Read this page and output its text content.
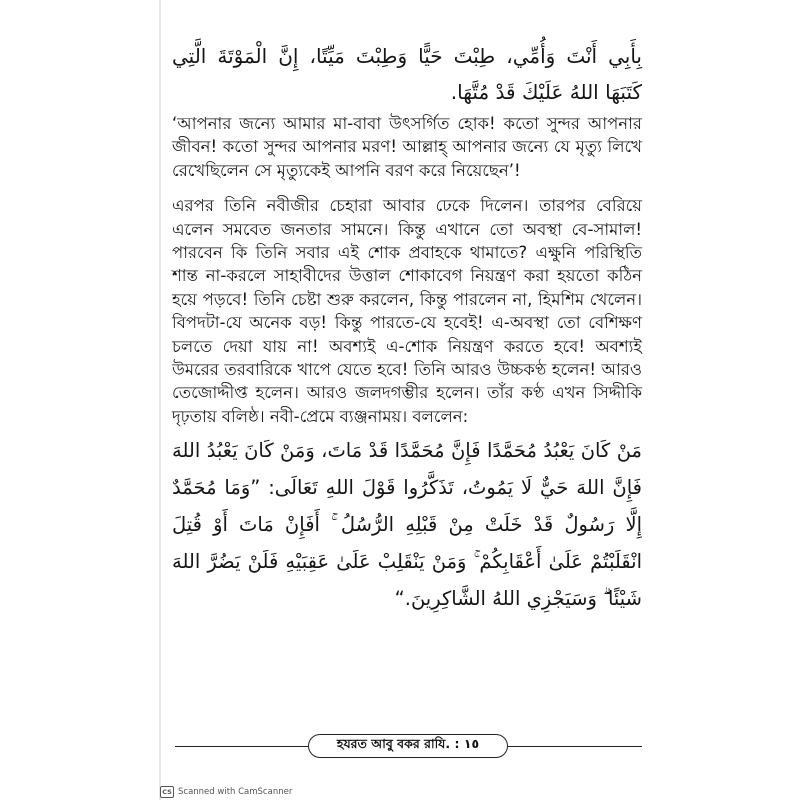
بِأَبِي أَنْتَ وَأُمِّي، طِبْتَ حَيًّا وَطِبْتَ مَيِّتًا، إِنَّ الْمَوْتَةَ الَّتِي كَتَبَهَا اللهُ عَلَيْكَ قَدْ مُتَّهَا.

‘আপনার জন্যে আমার মা-বাবা উৎসর্গিত হোক! কতো সুন্দর আপনার জীবন! কতো সুন্দর আপনার মরণ! আল্লাহ্ আপনার জন্যে যে মৃত্যু লিখে রেখেছিলেন সে মৃত্যুকেই আপনি বরণ করে নিয়েছেন’!

এরপর তিনি নবীজীর চেহারা আবার ঢেকে দিলেন। তারপর বেরিয়ে এলেন সমবেত জনতার সামনে। কিন্তু এখানে তো অবস্থা বে-সামাল! পারবেন কি তিনি সবার এই শোক প্রবাহকে থামাতে? এক্ষুনি পরিস্থিতি শান্ত না-করলে সাহাবীদের উত্তাল শোকাবেগ নিয়ন্ত্রণ করা হয়তো কঠিন হয়ে পড়বে! তিনি চেষ্টা শুরু করলেন, কিন্তু পারলেন না, হিমশিম খেলেন। বিপদটা-যে অনেক বড়! কিন্তু পারতে-যে হবেই! এ-অবস্থা তো বেশিক্ষণ চলতে দেয়া যায় না! অবশ্যই এ-শোক নিয়ন্ত্রণ করতে হবে! অবশ্যই উমরের তরবারিকে খাপে যেতে হবে! তিনি আরও উচ্চকণ্ঠ হলেন! আরও তেজোদ্দীপ্ত হলেন। আরও জলদগম্ভীর হলেন। তাঁর কণ্ঠ এখন সিদ্দীকি দৃঢ়তায় বলিষ্ঠ। নবী-প্রেমে ব্যঞ্জনাময়। বললেন:

مَنْ كَانَ يَعْبُدُ مُحَمَّدًا فَإِنَّ مُحَمَّدًا قَدْ مَاتَ، وَمَنْ كَانَ يَعْبُدُ اللهَ فَإِنَّ اللهَ حَيٌّ لَا يَمُوتُ، تَذَكَّرُوا قَوْلَ اللهِ تَعَالَى: ”وَمَا مُحَمَّدٌ إِلَّا رَسُولٌ قَدْ خَلَتْ مِنْ قَبْلِهِ الرُّسُلُ ۚ أَفَإِنْ مَاتَ أَوْ قُتِلَ انْقَلَبْتُمْ عَلَىٰ أَعْقَابِكُمْ ۚ وَمَنْ يَنْقَلِبْ عَلَىٰ عَقِبَيْهِ فَلَنْ يَضُرَّ اللهَ شَيْئًا ۗ وَسَيَجْزِي اللهُ الشَّاكِرِينَ.“

হযরত আবু বকর রাযি. : ١٥
CS Scanned with CamScanner
